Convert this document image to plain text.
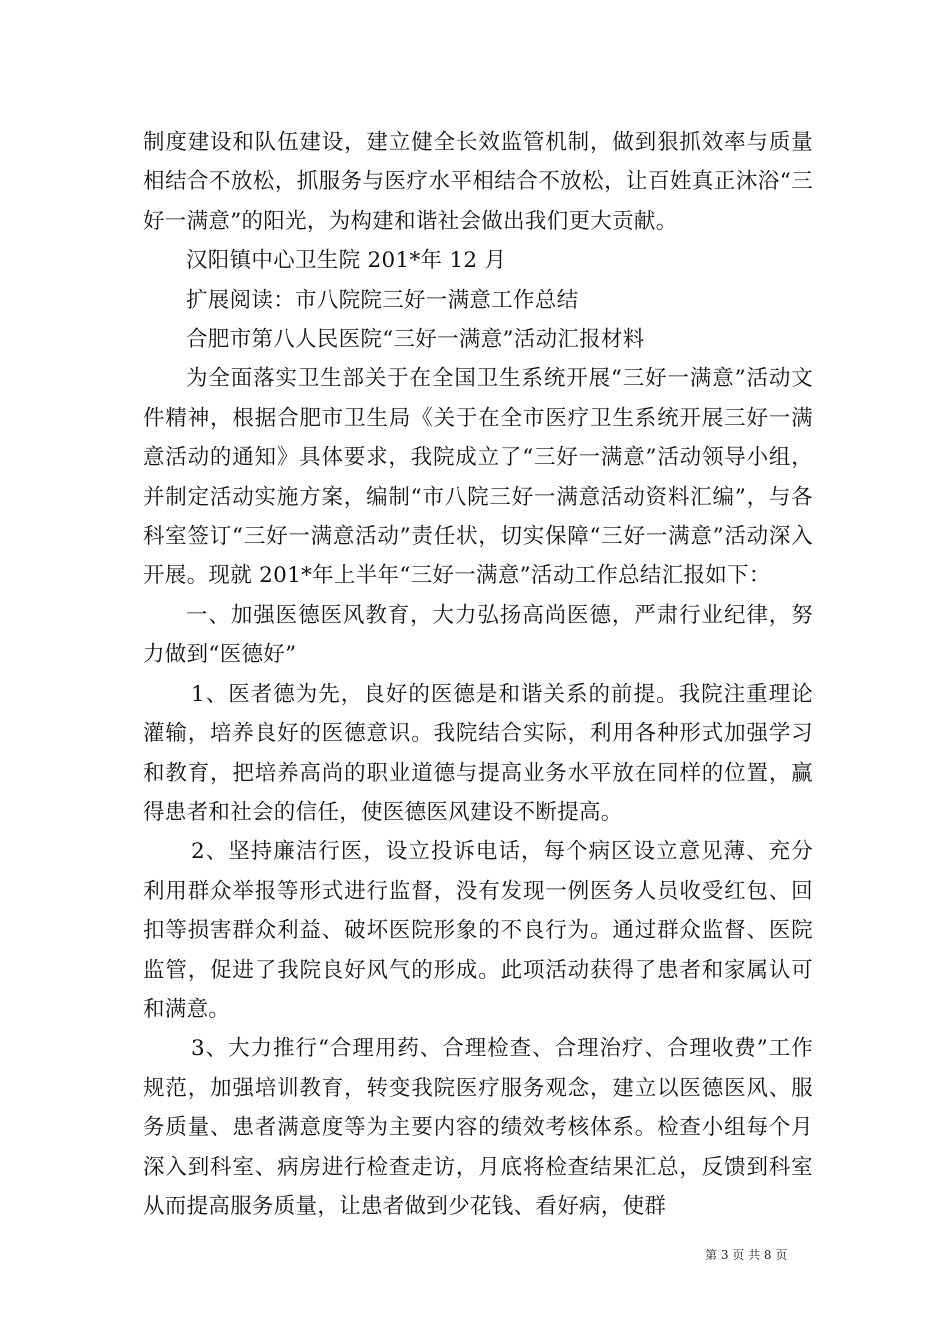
制度建设和队伍建设，建立健全长效监管机制，做到狠抓效率与质量相结合不放松，抓服务与医疗水平相结合不放松，让百姓真正沐浴“三好一满意”的阳光，为构建和谐社会做出我们更大贡献。

汉阳镇中心卫生院 201*年 12 月

扩展阅读：市八院院三好一满意工作总结

合肥市第八人民医院“三好一满意”活动汇报材料

为全面落实卫生部关于在全国卫生系统开展“三好一满意”活动文件精神，根据合肥市卫生局《关于在全市医疗卫生系统开展三好一满意活动的通知》具体要求，我院成立了“三好一满意”活动领导小组，并制定活动实施方案，编制“市八院三好一满意活动资料汇编”，与各科室签订“三好一满意活动”责任状，切实保障“三好一满意”活动深入开展。现就 201*年上半年“三好一满意”活动工作总结汇报如下：

一、加强医德医风教育，大力弘扬高尚医德，严肃行业纪律，努力做到“医德好”

1、医者德为先，良好的医德是和谐关系的前提。我院注重理论灌输，培养良好的医德意识。我院结合实际，利用各种形式加强学习和教育，把培养高尚的职业道德与提高业务水平放在同样的位置，赢得患者和社会的信任，使医德医风建设不断提高。

2、坚持廉洁行医，设立投诉电话，每个病区设立意见薄、充分利用群众举报等形式进行监督，没有发现一例医务人员收受红包、回扣等损害群众利益、破坏医院形象的不良行为。通过群众监督、医院监管，促进了我院良好风气的形成。此项活动获得了患者和家属认可和满意。

3、大力推行“合理用药、合理检查、合理治疗、合理收费”工作规范，加强培训教育，转变我院医疗服务观念，建立以医德医风、服务质量、患者满意度等为主要内容的绩效考核体系。检查小组每个月深入到科室、病房进行检查走访，月底将检查结果汇总，反馈到科室从而提高服务质量，让患者做到少花钱、看好病，使群

第 3 页 共 8 页
